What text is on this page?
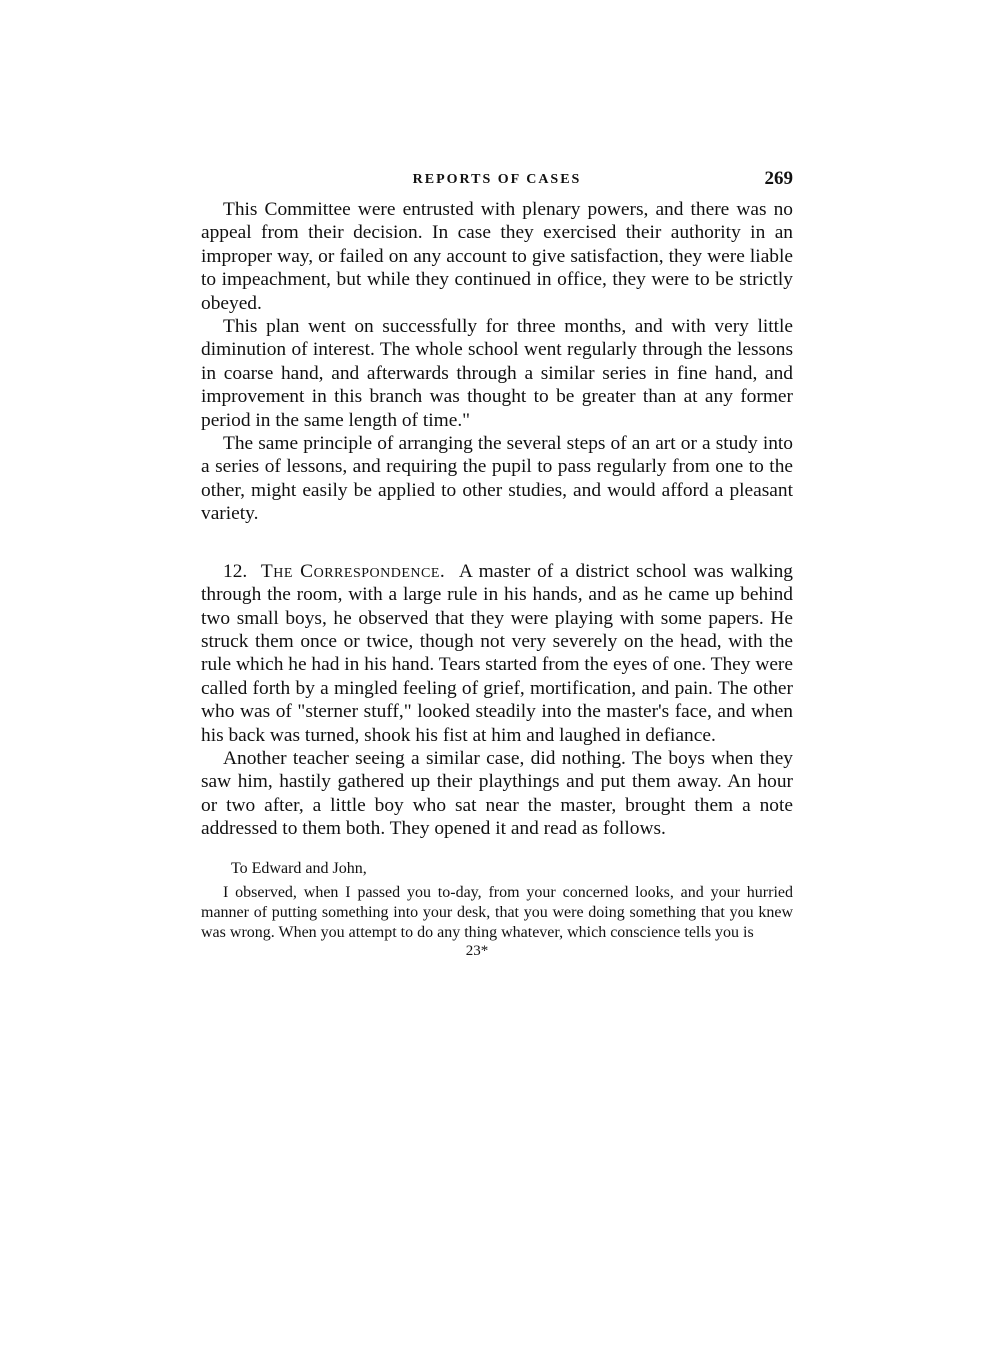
REPORTS OF CASES	269

This Committee were entrusted with plenary powers, and there was no appeal from their decision. In case they exercised their authority in an improper way, or failed on any account to give satisfaction, they were liable to impeachment, but while they continued in office, they were to be strictly obeyed.

This plan went on successfully for three months, and with very little diminution of interest. The whole school went regularly through the lessons in coarse hand, and afterwards through a similar series in fine hand, and improvement in this branch was thought to be greater than at any former period in the same length of time."

The same principle of arranging the several steps of an art or a study into a series of lessons, and requiring the pupil to pass regularly from one to the other, might easily be applied to other studies, and would afford a pleasant variety.

12. The Correspondence. A master of a district school was walking through the room, with a large rule in his hands, and as he came up behind two small boys, he observed that they were playing with some papers. He struck them once or twice, though not very severely on the head, with the rule which he had in his hand. Tears started from the eyes of one. They were called forth by a mingled feeling of grief, mortification, and pain. The other who was of "sterner stuff," looked steadily into the master's face, and when his back was turned, shook his fist at him and laughed in defiance.

Another teacher seeing a similar case, did nothing. The boys when they saw him, hastily gathered up their playthings and put them away. An hour or two after, a little boy who sat near the master, brought them a note addressed to them both. They opened it and read as follows.

To Edward and John,

I observed, when I passed you to-day, from your concerned looks, and your hurried manner of putting something into your desk, that you were doing something that you knew was wrong. When you attempt to do any thing whatever, which conscience tells you is

23*
